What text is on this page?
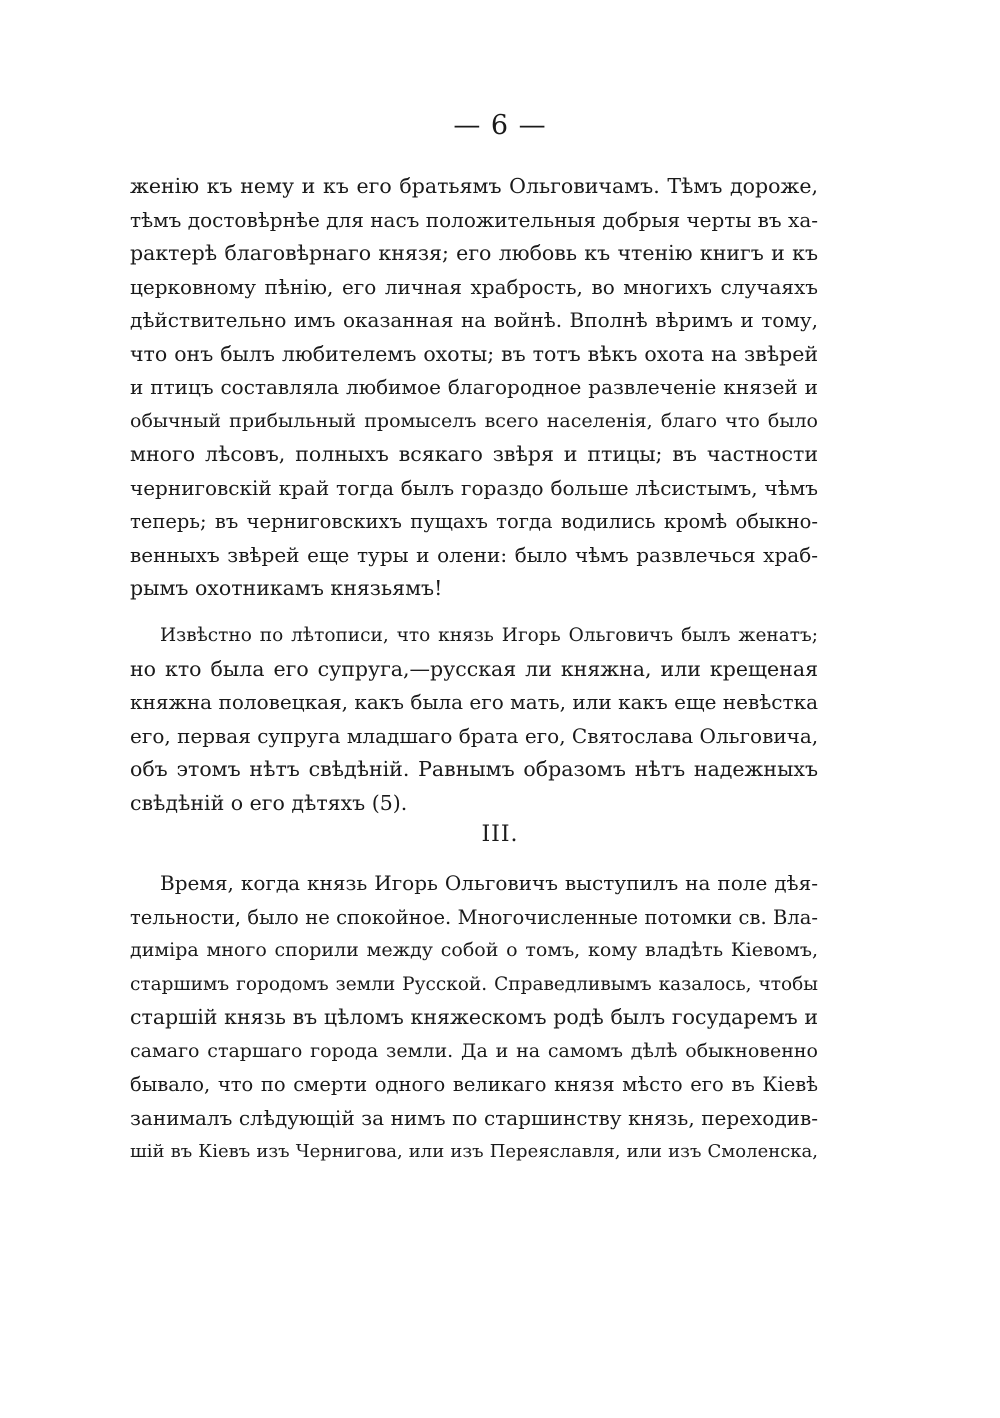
— 6 —
женію къ нему и къ его братьямъ Ольговичамъ. Тѣмъ дороже,
тѣмъ достовѣрнѣе для насъ положительныя добрыя черты въ ха-
рактерѣ благовѣрнаго князя; его любовь къ чтенію книгъ и къ
церковному пѣнію, его личная храбрость, во многихъ случаяхъ
дѣйствительно имъ оказанная на войнѣ. Вполнѣ вѣримъ и тому,
что онъ былъ любителемъ охоты; въ тотъ вѣкъ охота на звѣрей
и птицъ составляла любимое благородное развлеченіе князей и
обычный прибыльный промыселъ всего населенія, благо что было
много лѣсовъ, полныхъ всякаго звѣря и птицы; въ частности
черниговскій край тогда былъ гораздо больше лѣсистымъ, чѣмъ
теперь; въ черниговскихъ пущахъ тогда водились кромѣ обыкно-
венныхъ звѣрей еще туры и олени: было чѣмъ развлечься храб-
рымъ охотникамъ князьямъ!
Извѣстно по лѣтописи, что князь Игорь Ольговичъ былъ женатъ;
но кто была его супруга,—русская ли княжна, или крещеная
княжна половецкая, какъ была его мать, или какъ еще невѣстка
его, первая супруга младшаго брата его, Святослава Ольговича,
объ этомъ нѣтъ свѣдѣній. Равнымъ образомъ нѣтъ надежныхъ
свѣдѣній о его дѣтяхъ (5).
III.
Время, когда князь Игорь Ольговичъ выступилъ на поле дѣя-
тельности, было не спокойное. Многочисленные потомки св. Вла-
диміра много спорили между собой о томъ, кому владѣть Кіевомъ,
старшимъ городомъ земли Русской. Справедливымъ казалось, чтобы
старшій князь въ цѣломъ княжескомъ родѣ былъ государемъ и
самаго старшаго города земли. Да и на самомъ дѣлѣ обыкновенно
бывало, что по смерти одного великаго князя мѣсто его въ Кіевѣ
занималъ слѣдующій за нимъ по старшинству князь, переходив-
шій въ Кіевъ изъ Чернигова, или изъ Переяславля, или изъ Смоленска,
